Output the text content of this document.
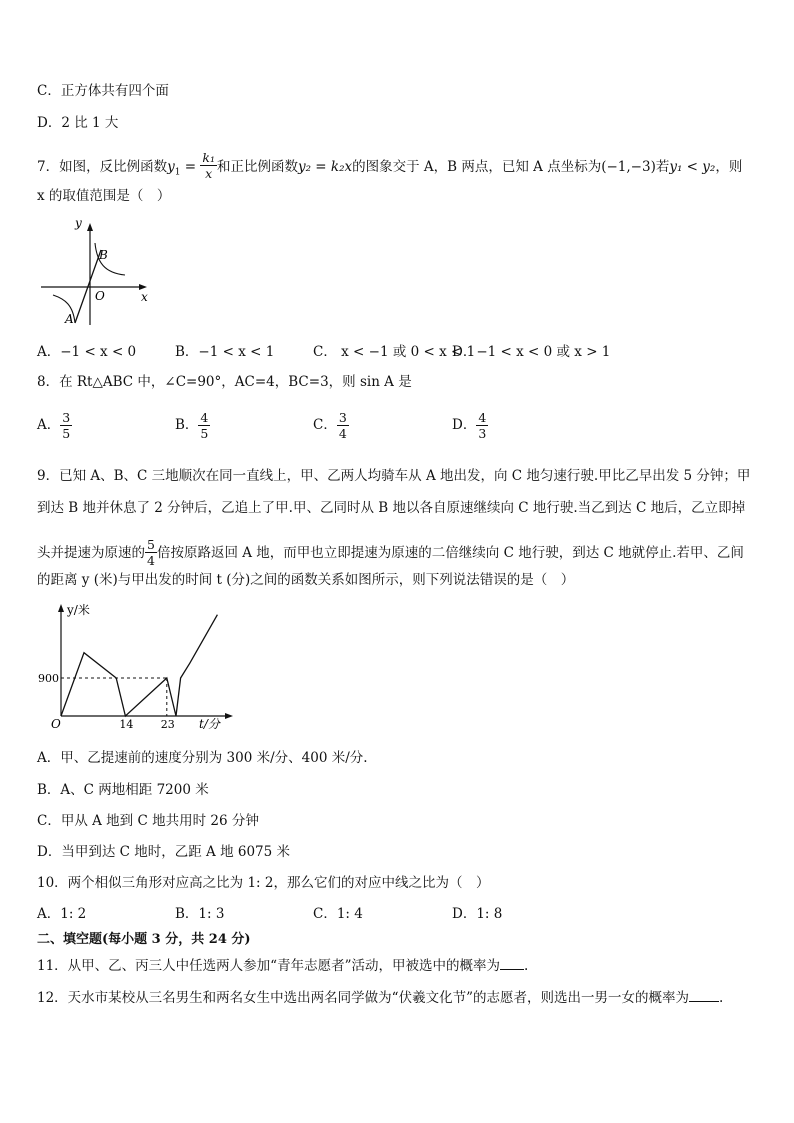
C．正方体共有四个面
D．2 比 1 大
7．如图，反比例函数$y_1 = \frac{\text{k₁}}{x}$ 和正比例函数y₂ = k₂x的图象交于 A，B 两点，已知 A 点坐标为(−1,−3)若y₁ < y₂，则
x 的取值范围是（　）
y
x
O
A
B
A．−1 < x < 0	B．−1 < x < 1	C． x < −1 或 0 < x < 1
D．−1 < x < 0 或 x > 1
8．在 Rt△ABC 中，∠C=90°，AC=4，BC=3，则 sin A 是
A． $\frac{3}{5}$	B． $\frac{4}{5}$	C． $\frac{3}{4}$	D． $\frac{4}{3}$
9．已知 A、B、C 三地顺次在同一直线上，甲、乙两人均骑车从 A 地出发，向 C 地匀速行驶.甲比乙早出发 5 分钟；甲
到达 B 地并休息了 2 分钟后，乙追上了甲.甲、乙同时从 B 地以各自原速继续向 C 地行驶.当乙到达 C 地后，乙立即掉
头并提速为原速的 $\frac{5}{4}$ 倍按原路返回 A 地，而甲也立即提速为原速的二倍继续向 C 地行驶，到达 C 地就停止.若甲、乙间
的距离 y (米)与甲出发的时间 t (分)之间的函数关系如图所示，则下列说法错误的是（　）
y/米
t/分
O
900
14 23
A．甲、乙提速前的速度分别为 300 米/分、400 米/分.
B．A、C 两地相距 7200 米
C．甲从 A 地到 C 地共用时 26 分钟
D．当甲到达 C 地时，乙距 A 地 6075 米
10．两个相似三角形对应高之比为 1: 2，那么它们的对应中线之比为（　）
A．1: 2	B．1: 3	C．1: 4	D．1: 8
二、填空题(每小题 3 分，共 24 分)
11．从甲、乙、丙三人中任选两人参加“青年志愿者”活动，甲被选中的概率为 .
12．天水市某校从三名男生和两名女生中选出两名同学做为“伏羲文化节”的志愿者，则选出一男一女的概率为 .
